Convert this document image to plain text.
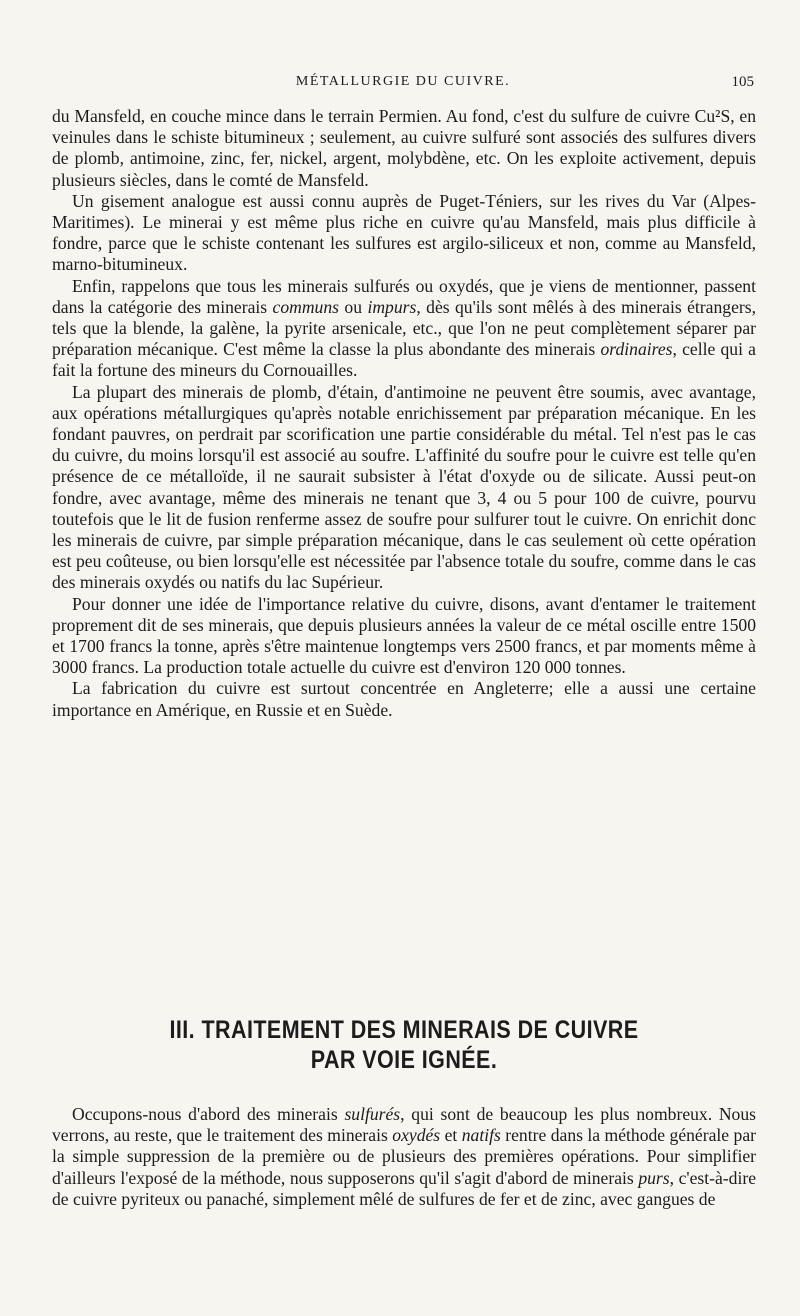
MÉTALLURGIE DU CUIVRE.	105

du Mansfeld, en couche mince dans le terrain Permien. Au fond, c'est du sulfure de cuivre Cu²S, en veinules dans le schiste bitumineux ; seulement, au cuivre sulfuré sont associés des sulfures divers de plomb, antimoine, zinc, fer, nickel, argent, molybdène, etc. On les exploite activement, depuis plusieurs siècles, dans le comté de Mansfeld.

Un gisement analogue est aussi connu auprès de Puget-Téniers, sur les rives du Var (Alpes-Maritimes). Le minerai y est même plus riche en cuivre qu'au Mansfeld, mais plus difficile à fondre, parce que le schiste contenant les sulfures est argilo-siliceux et non, comme au Mansfeld, marno-bitumineux.

Enfin, rappelons que tous les minerais sulfurés ou oxydés, que je viens de mentionner, passent dans la catégorie des minerais communs ou impurs, dès qu'ils sont mêlés à des minerais étrangers, tels que la blende, la galène, la pyrite arsenicale, etc., que l'on ne peut complètement séparer par préparation mécanique. C'est même la classe la plus abondante des minerais ordinaires, celle qui a fait la fortune des mineurs du Cornouailles.

La plupart des minerais de plomb, d'étain, d'antimoine ne peuvent être soumis, avec avantage, aux opérations métallurgiques qu'après notable enrichissement par préparation mécanique. En les fondant pauvres, on perdrait par scorification une partie considérable du métal. Tel n'est pas le cas du cuivre, du moins lorsqu'il est associé au soufre. L'affinité du soufre pour le cuivre est telle qu'en présence de ce métalloïde, il ne saurait subsister à l'état d'oxyde ou de silicate. Aussi peut-on fondre, avec avantage, même des minerais ne tenant que 3, 4 ou 5 pour 100 de cuivre, pourvu toutefois que le lit de fusion renferme assez de soufre pour sulfurer tout le cuivre. On enrichit donc les minerais de cuivre, par simple préparation mécanique, dans le cas seulement où cette opération est peu coûteuse, ou bien lorsqu'elle est nécessitée par l'absence totale du soufre, comme dans le cas des minerais oxydés ou natifs du lac Supérieur.

Pour donner une idée de l'importance relative du cuivre, disons, avant d'entamer le traitement proprement dit de ses minerais, que depuis plusieurs années la valeur de ce métal oscille entre 1500 et 1700 francs la tonne, après s'être maintenue longtemps vers 2500 francs, et par moments même à 3000 francs. La production totale actuelle du cuivre est d'environ 120 000 tonnes.

La fabrication du cuivre est surtout concentrée en Angleterre; elle a aussi une certaine importance en Amérique, en Russie et en Suède.

III. TRAITEMENT DES MINERAIS DE CUIVRE
PAR VOIE IGNÉE.

Occupons-nous d'abord des minerais sulfurés, qui sont de beaucoup les plus nombreux. Nous verrons, au reste, que le traitement des minerais oxydés et natifs rentre dans la méthode générale par la simple suppression de la première ou de plusieurs des premières opérations. Pour simplifier d'ailleurs l'exposé de la méthode, nous supposerons qu'il s'agit d'abord de minerais purs, c'est-à-dire de cuivre pyriteux ou panaché, simplement mêlé de sulfures de fer et de zinc, avec gangues de
